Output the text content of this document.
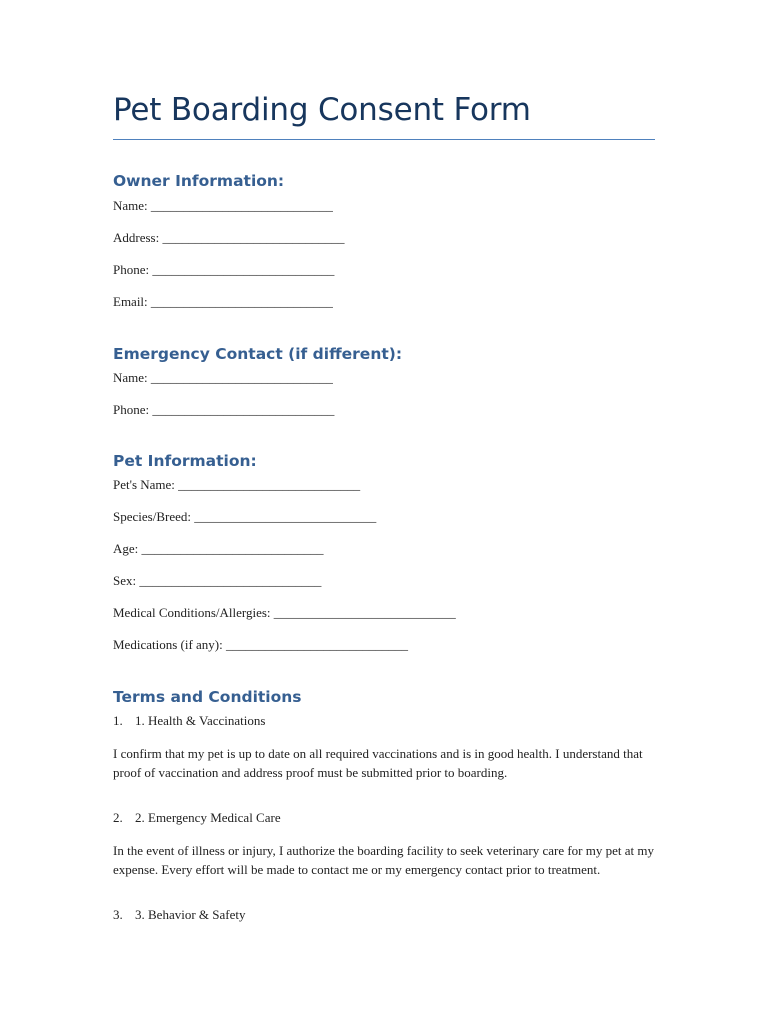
Pet Boarding Consent Form
Owner Information:
Name: ____________________________
Address: ____________________________
Phone: ____________________________
Email: ____________________________
Emergency Contact (if different):
Name: ____________________________
Phone: ____________________________
Pet Information:
Pet's Name: ____________________________
Species/Breed: ____________________________
Age: ____________________________
Sex: ____________________________
Medical Conditions/Allergies: ____________________________
Medications (if any): ____________________________
Terms and Conditions
1. 1. Health & Vaccinations
I confirm that my pet is up to date on all required vaccinations and is in good health. I understand that proof of vaccination and address proof must be submitted prior to boarding.
2. 2. Emergency Medical Care
In the event of illness or injury, I authorize the boarding facility to seek veterinary care for my pet at my expense. Every effort will be made to contact me or my emergency contact prior to treatment.
3. 3. Behavior & Safety
